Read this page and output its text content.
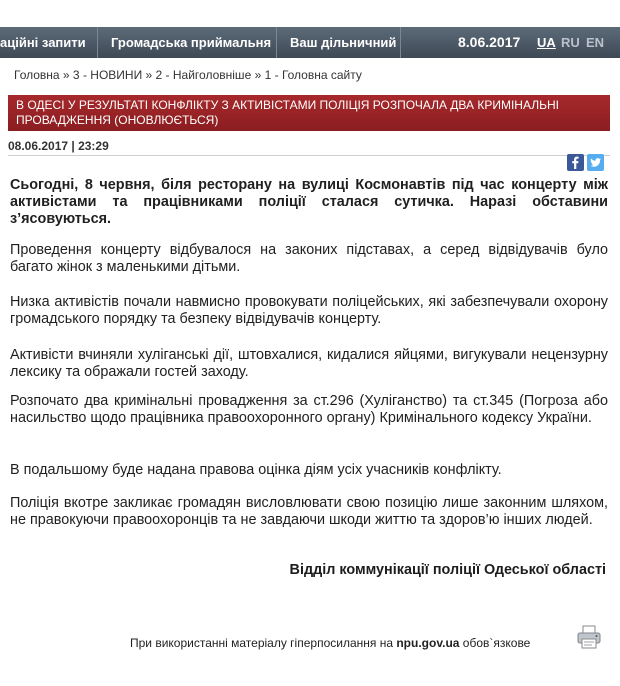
аційні запити Громадська приймальня Ваш дільничний	8.06.2017 UA RU EN
Головна » 3 - НОВИНИ » 2 - Найголовніше » 1 - Головна сайту
В ОДЕСІ У РЕЗУЛЬТАТІ КОНФЛІКТУ З АКТИВІСТАМИ ПОЛІЦІЯ РОЗПОЧАЛА ДВА КРИМІНАЛЬНІ
ПРОВАДЖЕННЯ (ОНОВЛЮЄТЬСЯ)
08.06.2017 | 23:29
Сьогодні, 8 червня, біля ресторану на вулиці Космонавтів під час концерту між активістами та працівниками поліції сталася сутичка. Наразі обставини з’ясовуються.
Проведення концерту відбувалося на законих підставах, а серед відвідувачів було багато жінок з маленькими дітьми.
Низка активістів почали навмисно провокувати поліцейських, які забезпечували охорону громадського порядку та безпеку відвідувачів концерту.
Активісти вчиняли хуліганські дії, штовхалися, кидалися яйцями, вигукували нецензурну лексику та ображали гостей заходу.
Розпочато два кримінальні провадження за ст.296 (Хуліганство) та ст.345 (Погроза або насильство щодо працівника правоохоронного органу) Кримінального кодексу України.
В подальшому буде надана правова оцінка діям усіх учасників конфлікту.
Поліція вкотре закликає громадян висловлювати свою позицію лише законним шляхом, не правокуючи правоохоронців та не завдаючи шкоди життю та здоров’ю інших людей.
Відділ коммунікації поліції Одеської області
При використанні матеріалу гіперпосилання на npu.gov.ua обов`язкове
